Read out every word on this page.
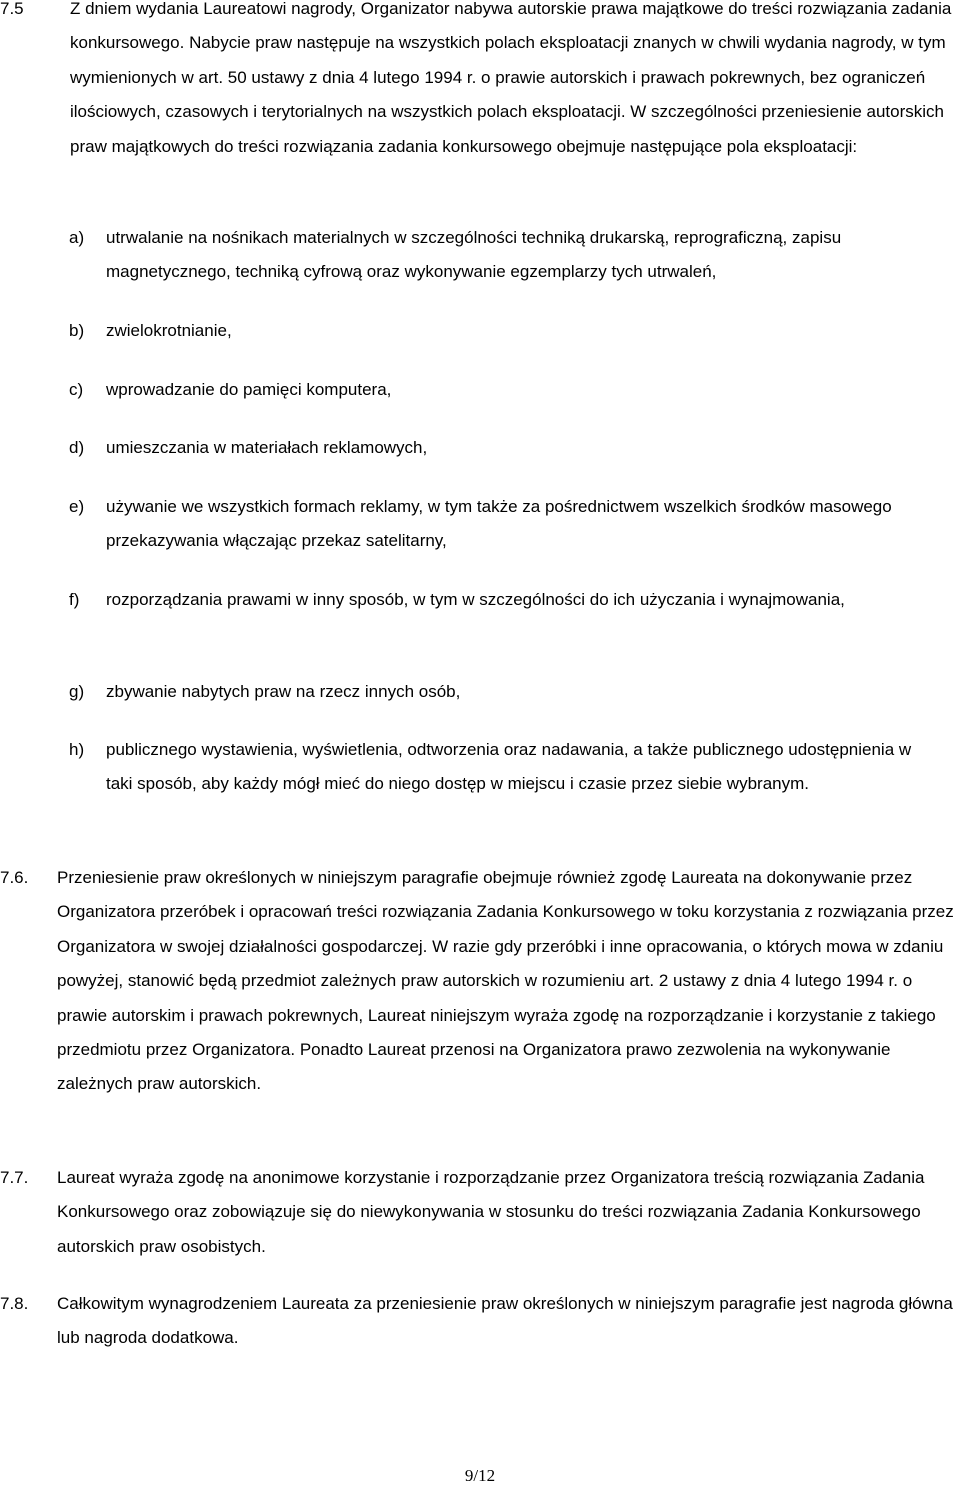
7.5	Z dniem wydania Laureatowi nagrody, Organizator nabywa autorskie prawa majątkowe do treści rozwiązania zadania konkursowego. Nabycie praw następuje na wszystkich polach eksploatacji znanych w chwili wydania nagrody, w tym wymienionych w art. 50 ustawy z dnia 4 lutego 1994 r. o prawie autorskich i prawach pokrewnych, bez ograniczeń ilościowych, czasowych i terytorialnych na wszystkich polach eksploatacji. W szczególności przeniesienie autorskich praw majątkowych do treści rozwiązania zadania konkursowego obejmuje następujące pola eksploatacji:

a) utrwalanie na nośnikach materialnych w szczególności techniką drukarską, reprograficzną, zapisu magnetycznego, techniką cyfrową oraz wykonywanie egzemplarzy tych utrwaleń,

b) zwielokrotnianie,

c) wprowadzanie do pamięci komputera,

d) umieszczania w materiałach reklamowych,

e) używanie we wszystkich formach reklamy, w tym także za pośrednictwem wszelkich środków masowego przekazywania włączając przekaz satelitarny,

f) rozporządzania prawami w inny sposób, w tym w szczególności do ich użyczania i wynajmowania,

g) zbywanie nabytych praw na rzecz innych osób,

h) publicznego wystawienia, wyświetlenia, odtworzenia oraz nadawania, a także publicznego udostępnienia w taki sposób, aby każdy mógł mieć do niego dostęp w miejscu i czasie przez siebie wybranym.

7.6. Przeniesienie praw określonych w niniejszym paragrafie obejmuje również zgodę Laureata na dokonywanie przez Organizatora przeróbek i opracowań treści rozwiązania Zadania Konkursowego w toku korzystania z rozwiązania przez Organizatora w swojej działalności gospodarczej. W razie gdy przeróbki i inne opracowania, o których mowa w zdaniu powyżej, stanowić będą przedmiot zależnych praw autorskich w rozumieniu art. 2 ustawy z dnia 4 lutego 1994 r. o prawie autorskim i prawach pokrewnych, Laureat niniejszym wyraża zgodę na rozporządzanie i korzystanie z takiego przedmiotu przez Organizatora. Ponadto Laureat przenosi na Organizatora prawo zezwolenia na wykonywanie zależnych praw autorskich.

7.7. Laureat wyraża zgodę na anonimowe korzystanie i rozporządzanie przez Organizatora treścią rozwiązania Zadania Konkursowego oraz zobowiązuje się do niewykonywania w stosunku do treści rozwiązania Zadania Konkursowego autorskich praw osobistych.

7.8. Całkowitym wynagrodzeniem Laureata za przeniesienie praw określonych w niniejszym paragrafie jest nagroda główna lub nagroda dodatkowa.

9/12
